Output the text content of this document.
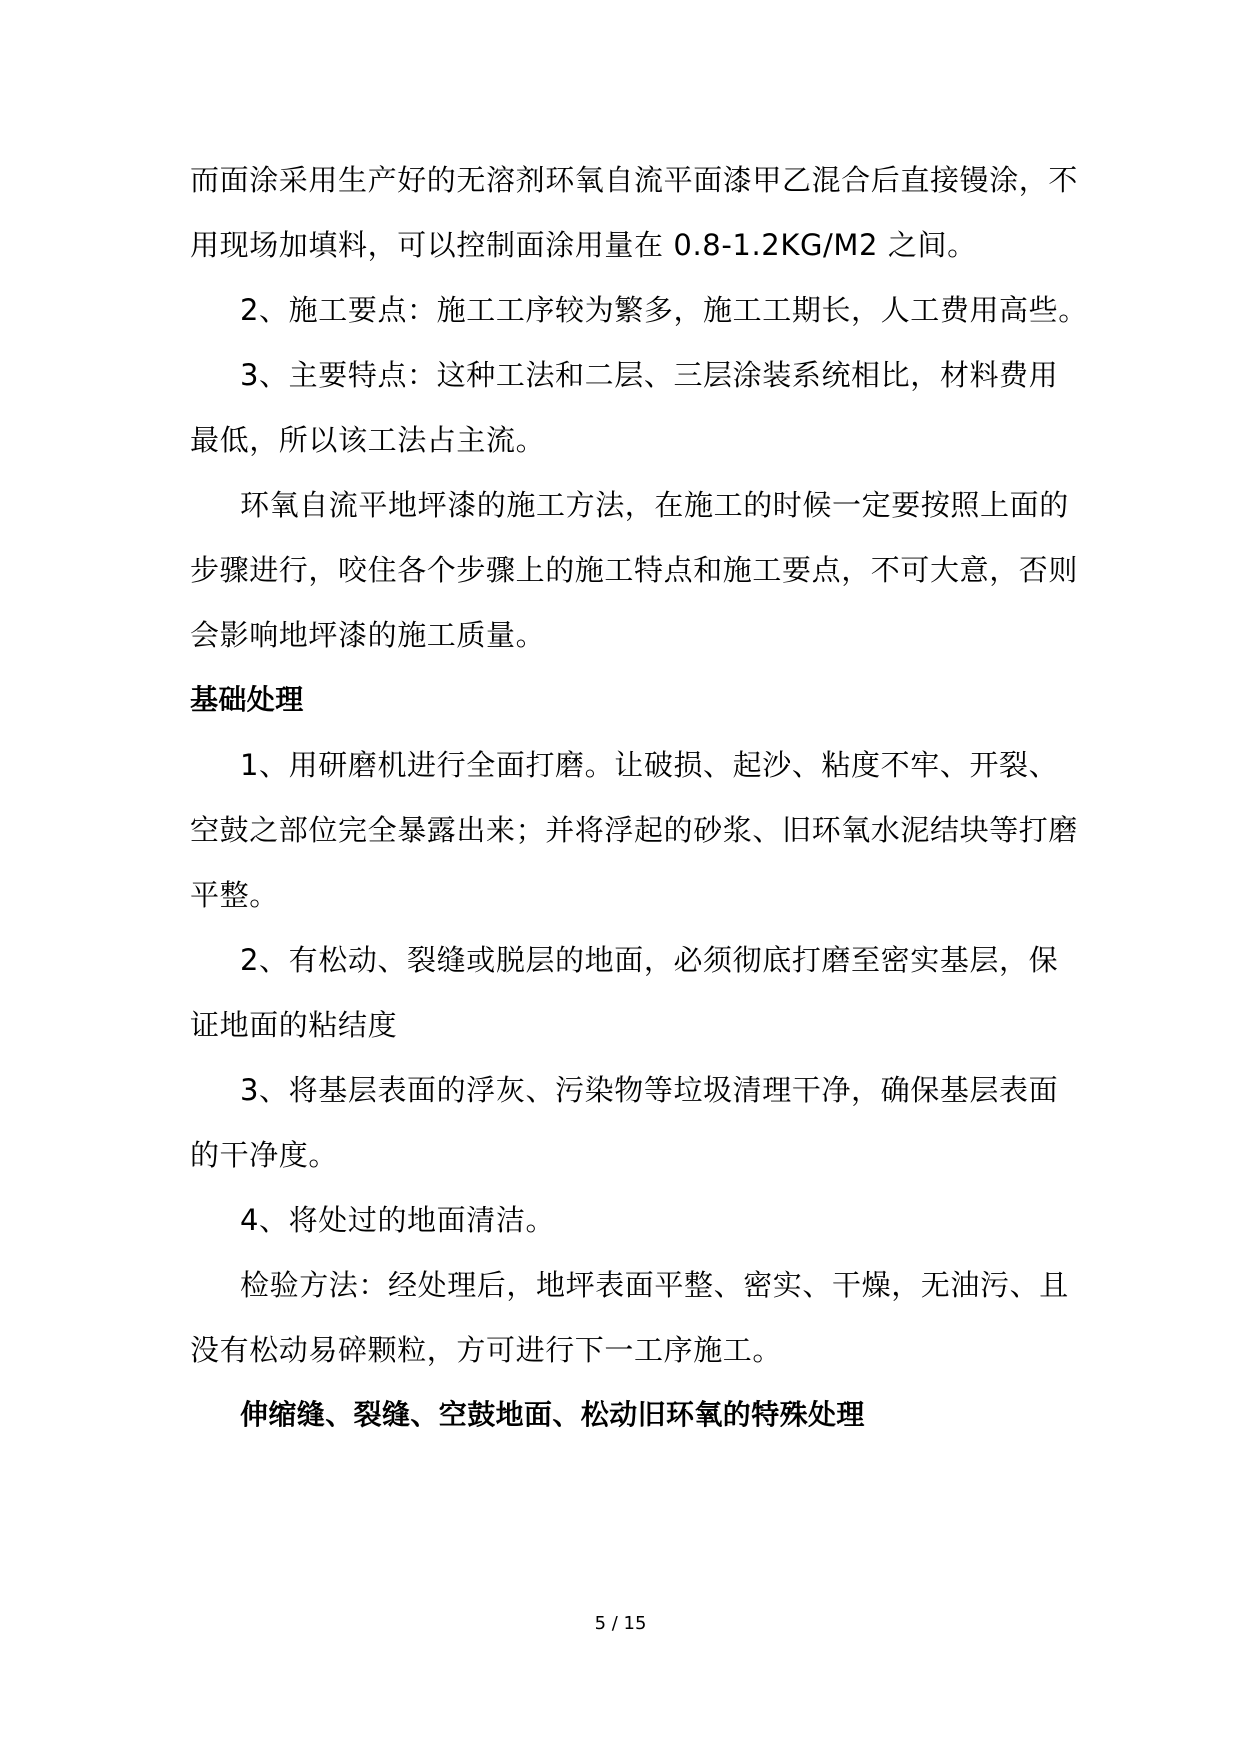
而面涂采用生产好的无溶剂环氧自流平面漆甲乙混合后直接镘涂，不
用现场加填料，可以控制面涂用量在 0.8-1.2KG/M2 之间。
2、施工要点：施工工序较为繁多，施工工期长，人工费用高些。
3、主要特点：这种工法和二层、三层涂装系统相比，材料费用
最低，所以该工法占主流。
环氧自流平地坪漆的施工方法，在施工的时候一定要按照上面的
步骤进行，咬住各个步骤上的施工特点和施工要点，不可大意，否则
会影响地坪漆的施工质量。
基础处理
1、用研磨机进行全面打磨。让破损、起沙、粘度不牢、开裂、
空鼓之部位完全暴露出来；并将浮起的砂浆、旧环氧水泥结块等打磨
平整。
2、有松动、裂缝或脱层的地面，必须彻底打磨至密实基层，保
证地面的粘结度
3、将基层表面的浮灰、污染物等垃圾清理干净，确保基层表面
的干净度。
4、将处过的地面清洁。
检验方法：经处理后，地坪表面平整、密实、干燥，无油污、且
没有松动易碎颗粒，方可进行下一工序施工。
伸缩缝、裂缝、空鼓地面、松动旧环氧的特殊处理
5 / 15
